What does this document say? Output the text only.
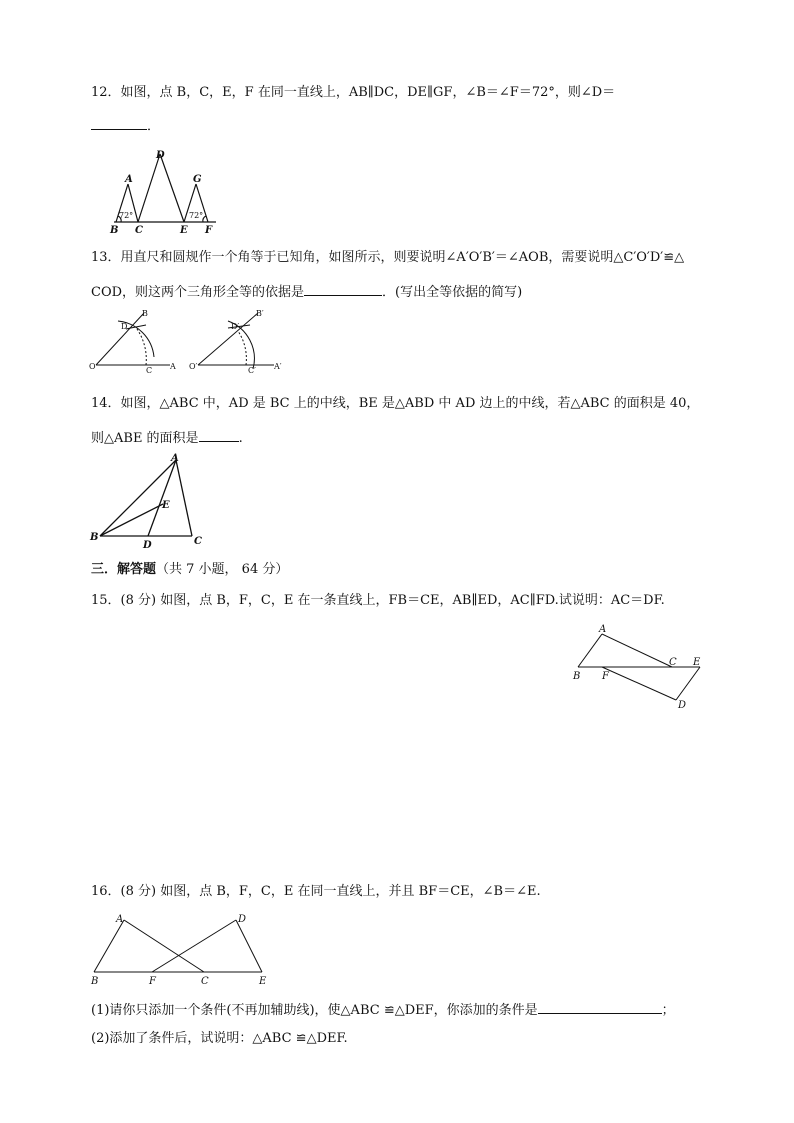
12．如图，点 B，C，E，F 在同一直线上，AB∥DC，DE∥GF，∠B＝∠F＝72°，则∠D＝
．
D
A	G
B C	E F
72°	72°
13．用直尺和圆规作一个角等于已知角，如图所示，则要说明∠A′O′B′＝∠AOB，需要说明△C′O′D′≌△
COD，则这两个三角形全等的依据是	．(写出全等依据的简写)
B
D
O	C A
B′
D′
O′	C′ A′
14．如图，△ABC 中，AD 是 BC 上的中线，BE 是△ABD 中 AD 边上的中线，若△ABC 的面积是 40，
则△ABE 的面积是	.
A
E
B
D	C
三．解答题（共 7 小题， 64 分）
15．(8 分) 如图，点 B，F，C，E 在一条直线上，FB＝CE，AB∥ED，AC∥FD.试说明：AC＝DF.
A
C E
B F
D
16．(8 分) 如图，点 B，F，C，E 在同一直线上，并且 BF＝CE，∠B＝∠E.
A	D
B	F	C	E
(1)请你只添加一个条件(不再加辅助线)，使△ABC ≌△DEF，你添加的条件是	；
(2)添加了条件后，试说明：△ABC ≌△DEF.
